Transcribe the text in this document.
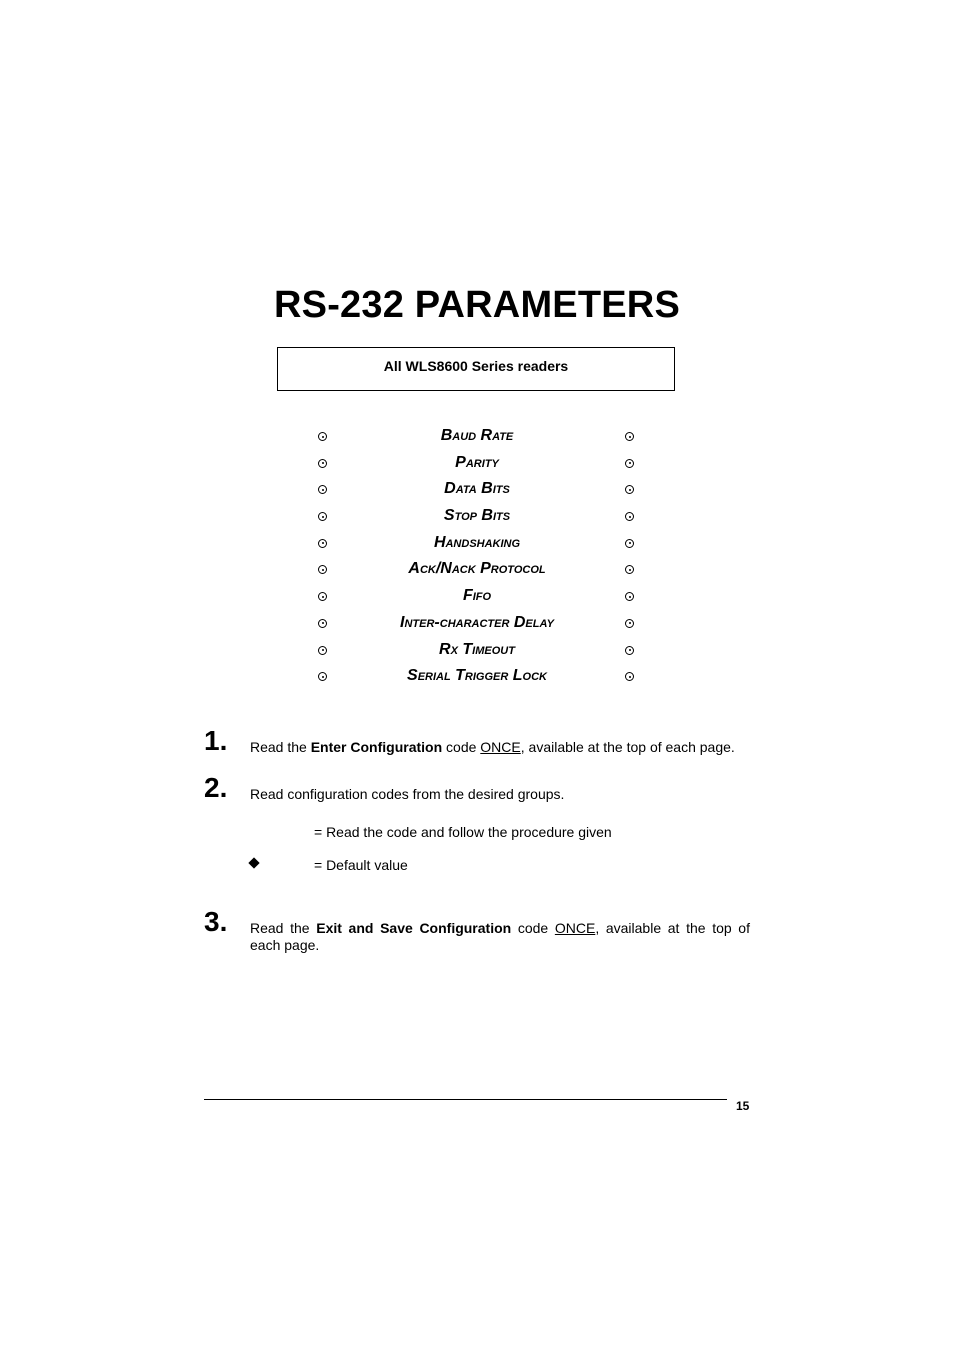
RS-232 PARAMETERS
All WLS8600 Series readers
Baud Rate
Parity
Data Bits
Stop Bits
Handshaking
Ack/Nack Protocol
Fifo
Inter-character Delay
Rx Timeout
Serial Trigger Lock
1. Read the Enter Configuration code ONCE, available at the top of each page.
2. Read configuration codes from the desired groups.
= Read the code and follow the procedure given
= Default value
3. Read the Exit and Save Configuration code ONCE, available at the top of each page.
15
